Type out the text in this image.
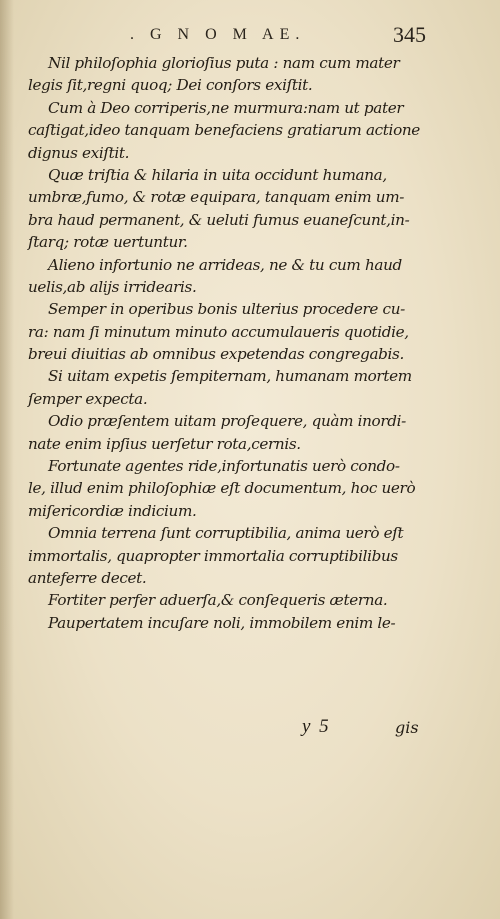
. G N O M AE.	345
Nil philoſophia glorioſius puta : nam cum mater
legis ſit,regni quoq; Dei conſors exiſtit.
Cum à Deo corriperis,ne murmura:nam ut pater
caſtigat,ideo tanquam benefaciens gratiarum actione
dignus exiſtit.
Quæ triſtia & hilaria in uita occidunt humana,
umbræ,fumo, & rotæ equipara, tanquam enim um-
bra haud permanent, & ueluti fumus euaneſcunt,in-
ſtarq; rotæ uertuntur.
Alieno infortunio ne arrideas, ne & tu cum haud
uelis,ab alijs irridearis.
Semper in operibus bonis ulterius procedere cu-
ra: nam ſi minutum minuto accumulaueris quotidie,
breui diuitias ab omnibus expetendas congregabis.
Si uitam expetis ſempiternam, humanam mortem
ſemper expecta.
Odio præſentem uitam proſequere, quàm inordi-
nate enim ipſius uerſetur rota,cernis.
Fortunate agentes ride,infortunatis uerò condo-
le, illud enim philoſophiæ eſt documentum, hoc uerò
miſericordiæ indicium.
Omnia terrena ſunt corruptibilia, anima uerò eſt
immortalis, quapropter immortalia corruptibilibus
anteferre decet.
Fortiter perfer aduerſa,& conſequeris æterna.
Paupertatem incuſare noli, immobilem enim le-
y 5	gis
